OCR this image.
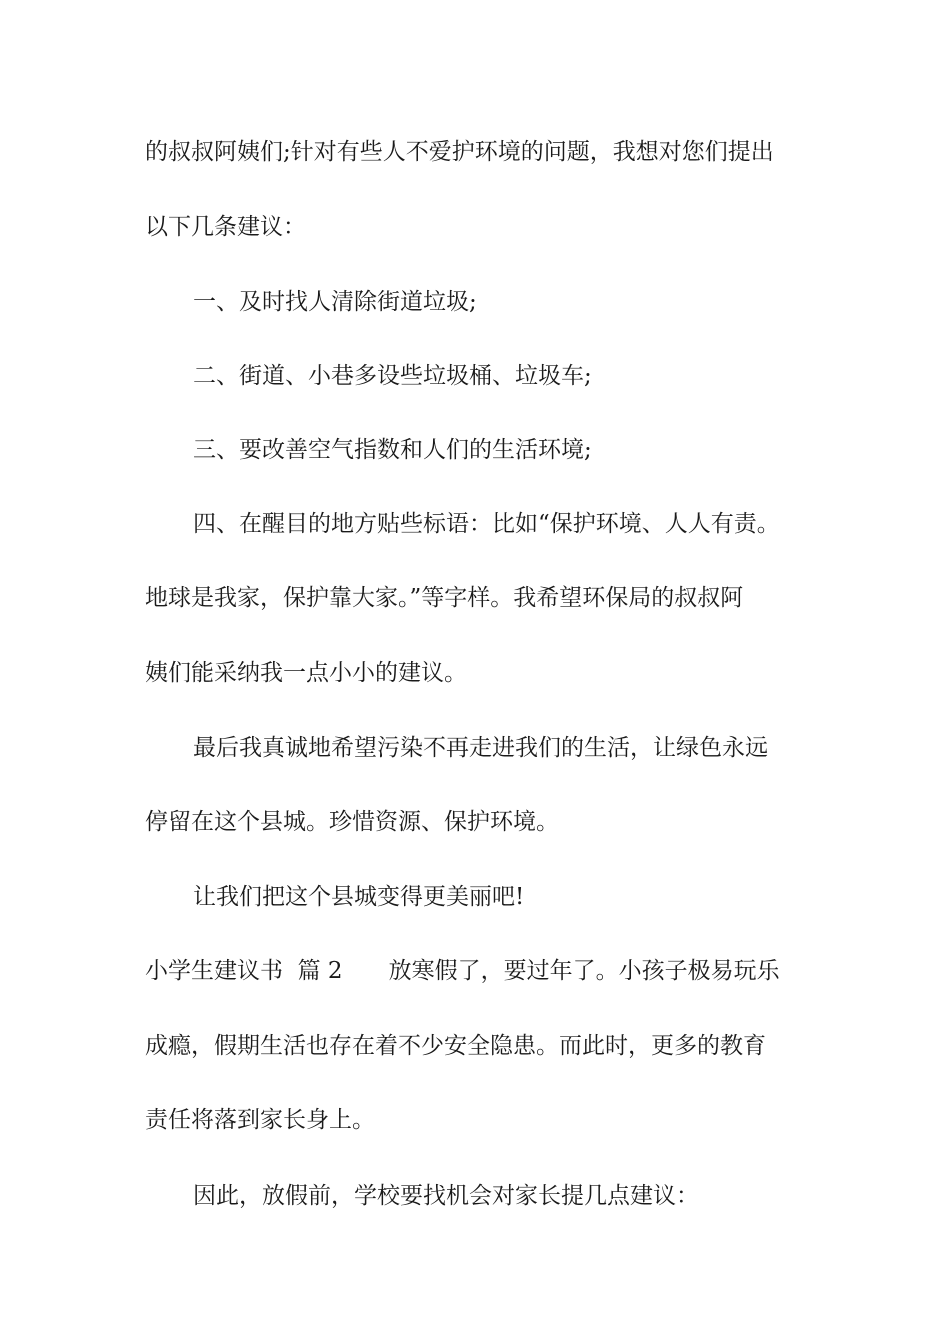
的叔叔阿姨们;针对有些人不爱护环境的问题，我想对您们提出
以下几条建议：
一、及时找人清除街道垃圾;
二、街道、小巷多设些垃圾桶、垃圾车;
三、要改善空气指数和人们的生活环境;
四、在醒目的地方贴些标语：比如“保护环境、人人有责。
地球是我家，保护靠大家。”等字样。我希望环保局的叔叔阿
姨们能采纳我一点小小的建议。
最后我真诚地希望污染不再走进我们的生活，让绿色永远
停留在这个县城。珍惜资源、保护环境。
让我们把这个县城变得更美丽吧!
小学生建议书  篇 2 放寒假了，要过年了。小孩子极易玩乐
成瘾，假期生活也存在着不少安全隐患。而此时，更多的教育
责任将落到家长身上。
因此，放假前，学校要找机会对家长提几点建议：
